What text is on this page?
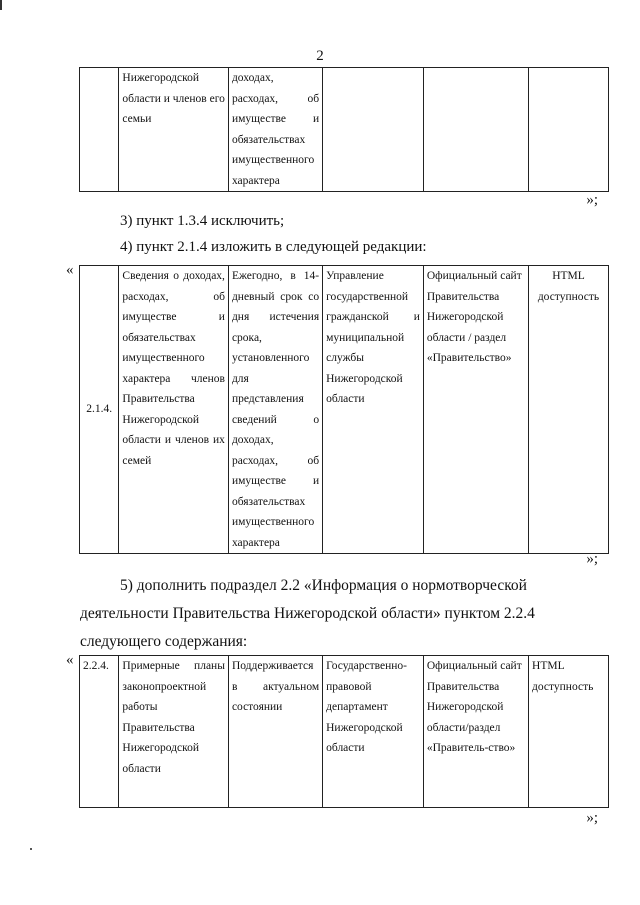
2
	Нижегородской области и членов его семьи	доходах, расходах, об имуществе и обязательствах имущественного характера			
»;
3) пункт 1.3.4 исключить;
4) пункт 2.1.4 изложить в следующей редакции:
«
2.1.4.	Сведения о доходах, расходах, об имуществе и обязательствах имущественного характера членов Правительства Нижегородской области и членов их семей	Ежегодно, в 14-дневный срок со дня истечения срока, установленного для представления сведений о доходах, расходах, об имуществе и обязательствах имущественного характера	Управление государственной гражданской и муниципальной службы Нижегородской области	Официальный сайт Правительства Нижегородской области / раздел «Правительство»	HTML доступность
»;
5) дополнить подраздел 2.2 «Информация о нормотворческой
деятельности Правительства Нижегородской области» пунктом 2.2.4
следующего содержания:
« 2.2.4.	Примерные планы законопроектной работы Правительства Нижегородской области	Поддерживается в актуальном состоянии	Государственно-правовой департамент Нижегородской области	Официальный сайт Правительства Нижегородской области/раздел «Правитель-ство»	HTML доступность
»;
